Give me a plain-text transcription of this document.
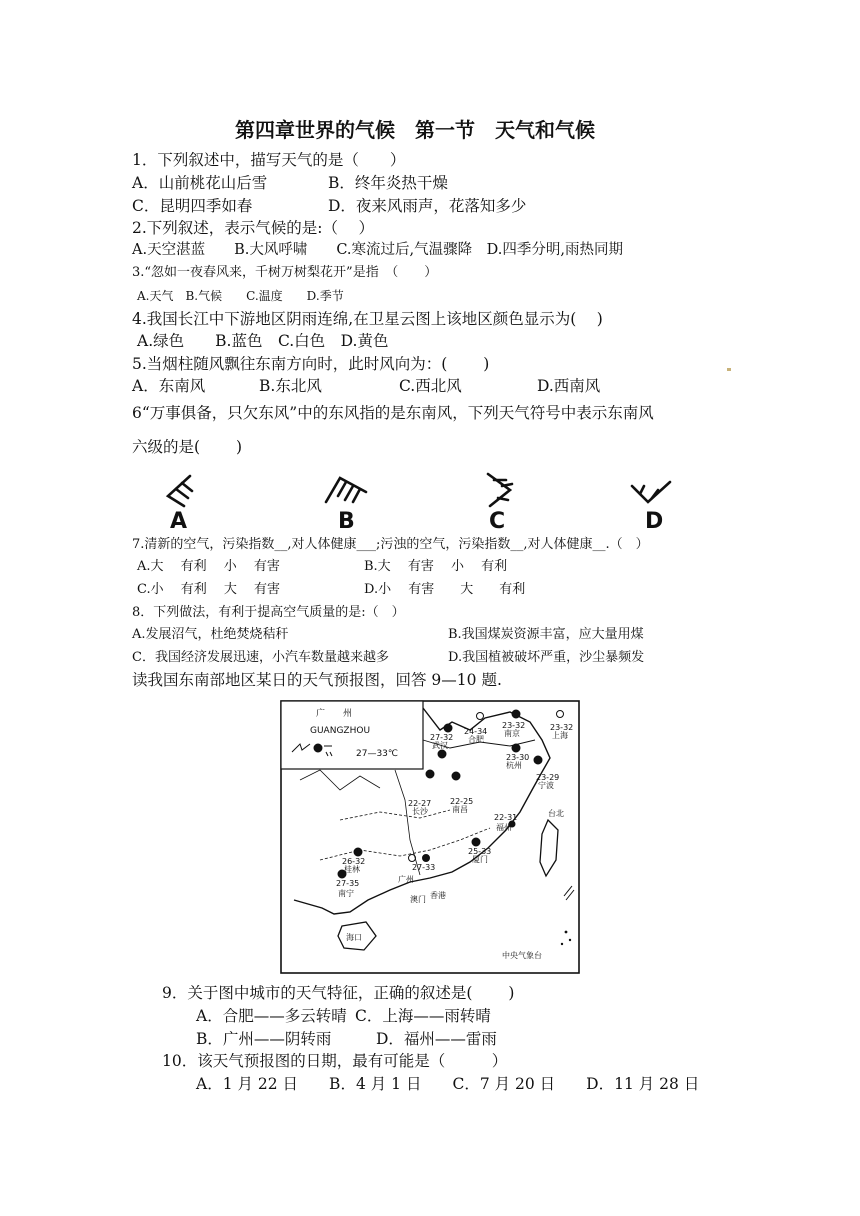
第四章世界的气候　第一节　天气和气候
1．下列叙述中，描写天气的是（　　）
A．山前桃花山后雪	B．终年炎热干燥
C．昆明四季如春	D．夜来风雨声，花落知多少
2.下列叙述，表示气候的是:（　 ）
A.天空湛蓝　　B.大风呼啸　　C.寒流过后,气温骤降　D.四季分明,雨热同期
3.“忽如一夜春风来，千树万树梨花开”是指　（　　）
A.天气　B.气候　　C.温度　　D.季节
4.我国长江中下游地区阴雨连绵,在卫星云图上该地区颜色显示为(　 )
A.绿色　　B.蓝色　C.白色　D.黄色
5.当烟柱随风飘往东南方向时，此时风向为：(　　 )
A．东南风	B.东北风	C.西北风	D.西南风
6“万事俱备，只欠东风”中的东风指的是东南风，下列天气符号中表示东南风
六级的是(　　 )
A	B	C	D
7.清新的空气，污染指数__,对人体健康___;污浊的空气，污染指数__,对人体健康__.（　）
A.大　 有利　 小　 有害	B.大　 有害　 小　 有利
C.小　 有利　 大　 有害	D.小　 有害　　大　　有利
8．下列做法，有利于提高空气质量的是:（　）
A.发展沼气，杜绝焚烧秸秆	B.我国煤炭资源丰富，应大量用煤
C．我国经济发展迅速，小汽车数量越来越多	D.我国植被破坏严重，沙尘暴频发
读我国东南部地区某日的天气预报图，回答 9—10 题.
广　　州
GUANGZHOU
27—33℃
27-32
武汉
24-34
合肥
23-32
南京
23-32
上海
23-30
杭州
23-29
宁波
22-27
长沙
22-25
南昌
22-31
福州
台北
26-32
桂林
25-33
厦门
27-33
广州
27-35
南宁
澳门 香港
海口
中央气象台
9．关于图中城市的天气特征，正确的叙述是(　　 )
A．合肥——多云转晴 C．上海——雨转晴
B．广州——阴转雨	D．福州——雷雨
10．该天气预报图的日期，最有可能是（　　　）
A．1 月 22 日　　B．4 月 1 日　　C．7 月 20 日　　D．11 月 28 日
